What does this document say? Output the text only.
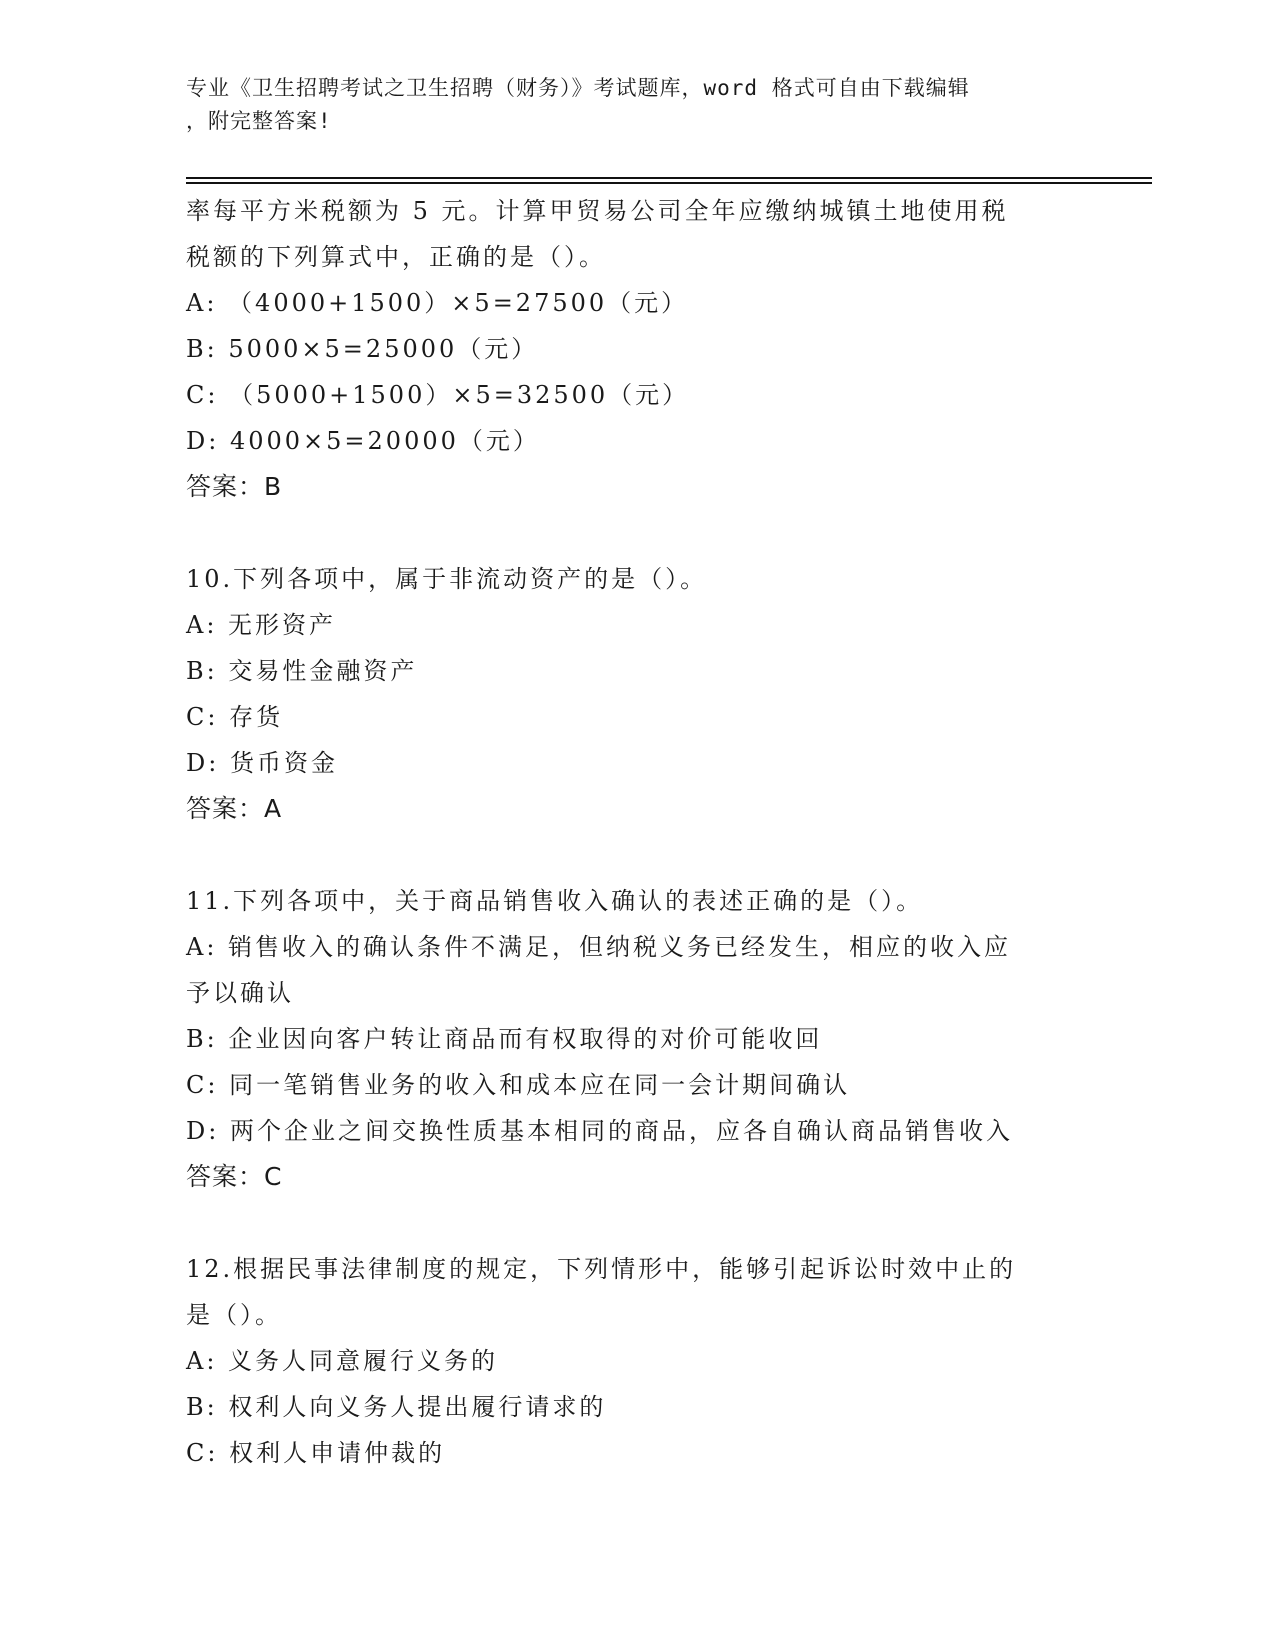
专业《卫生招聘考试之卫生招聘（财务）》考试题库，word 格式可自由下载编辑
，附完整答案!
率每平方米税额为 5 元。计算甲贸易公司全年应缴纳城镇土地使用税
税额的下列算式中，正确的是（）。
A: （4000+1500）×5=27500（元）
B: 5000×5=25000（元）
C: （5000+1500）×5=32500（元）
D: 4000×5=20000（元）
答案：B
10.下列各项中，属于非流动资产的是（）。
A: 无形资产
B: 交易性金融资产
C: 存货
D: 货币资金
答案：A
11.下列各项中，关于商品销售收入确认的表述正确的是（）。
A: 销售收入的确认条件不满足，但纳税义务已经发生，相应的收入应
予以确认
B: 企业因向客户转让商品而有权取得的对价可能收回
C: 同一笔销售业务的收入和成本应在同一会计期间确认
D: 两个企业之间交换性质基本相同的商品，应各自确认商品销售收入
答案：C
12.根据民事法律制度的规定，下列情形中，能够引起诉讼时效中止的
是（）。
A: 义务人同意履行义务的
B: 权利人向义务人提出履行请求的
C: 权利人申请仲裁的
